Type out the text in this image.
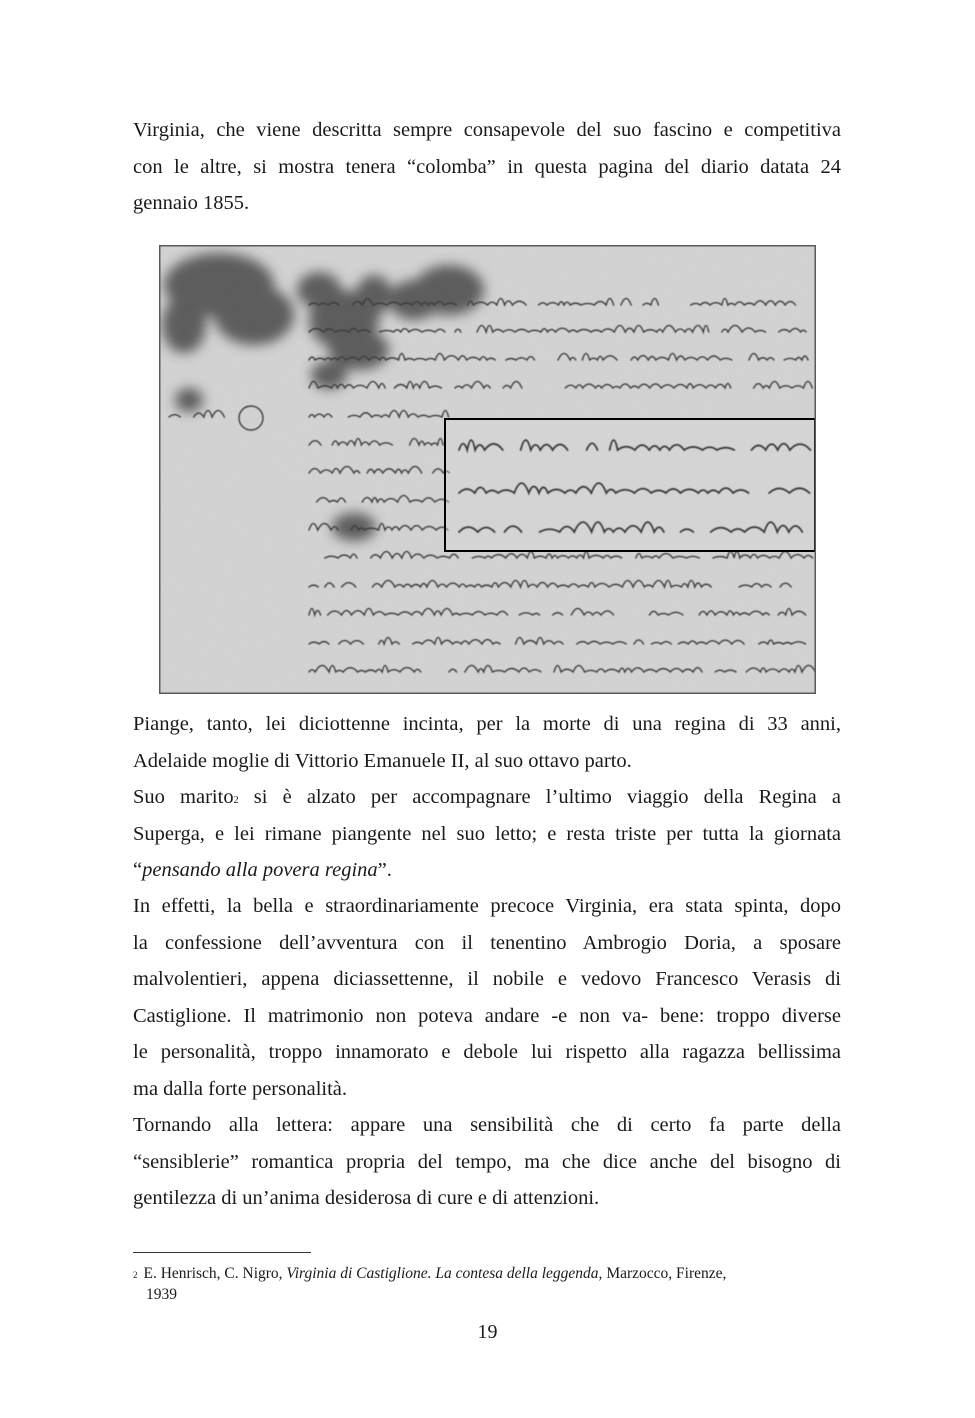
Virginia, che viene descritta sempre consapevole del suo fascino e competitiva
con le altre, si mostra tenera “colomba” in questa pagina del diario datata 24
gennaio 1855.
Piange, tanto, lei diciottenne incinta, per la morte di una regina di 33 anni,
Adelaide moglie di Vittorio Emanuele II, al suo ottavo parto.
Suo marito$^2$ si è alzato per accompagnare l’ultimo viaggio della Regina a
Superga, e lei rimane piangente nel suo letto; e resta triste per tutta la giornata
“pensando alla povera regina”.
In effetti, la bella e straordinariamente precoce Virginia, era stata spinta, dopo
la confessione dell’avventura con il tenentino Ambrogio Doria, a sposare
malvolentieri, appena diciassettenne, il nobile e vedovo Francesco Verasis di
Castiglione. Il matrimonio non poteva andare -e non va- bene: troppo diverse
le personalità, troppo innamorato e debole lui rispetto alla ragazza bellissima
ma dalla forte personalità.
Tornando alla lettera: appare una sensibilità che di certo fa parte della
“sensiblerie” romantica propria del tempo, ma che dice anche del bisogno di
gentilezza di un’anima desiderosa di cure e di attenzioni.
$^2$ E. Henrisch, C. Nigro, Virginia di Castiglione. La contesa della leggenda, Marzocco, Firenze,
1939
19
